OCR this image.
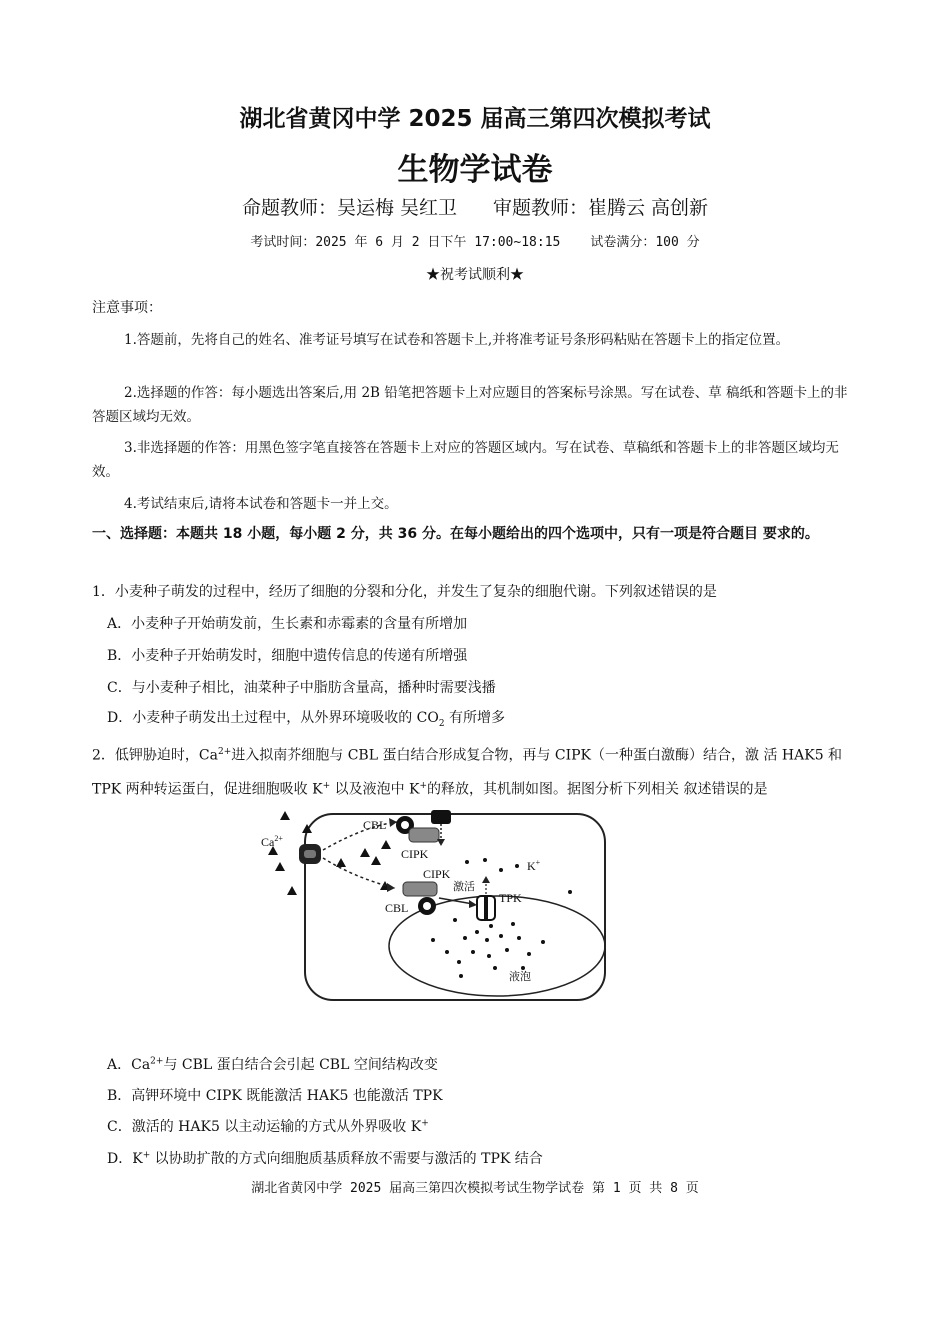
湖北省黄冈中学 2025 届高三第四次模拟考试
生物学试卷
命题教师：吴运梅 吴红卫 审题教师：崔腾云 高创新
考试时间：2025 年 6 月 2 日下午 17:00~18:15 试卷满分：100 分
★祝考试顺利★
注意事项：
1.答题前，先将自己的姓名、准考证号填写在试卷和答题卡上,并将准考证号条形码粘贴在答题卡上的指定位置。
2.选择题的作答：每小题选出答案后,用 2B 铅笔把答题卡上对应题目的答案标号涂黑。写在试卷、草 稿纸和答题卡上的非答题区域均无效。
3.非选择题的作答：用黑色签字笔直接答在答题卡上对应的答题区域内。写在试卷、草稿纸和答题卡上的非答题区域均无效。
4.考试结束后,请将本试卷和答题卡一并上交。
一、选择题：本题共 18 小题，每小题 2 分，共 36 分。在每小题给出的四个选项中，只有一项是符合题目 要求的。
1．小麦种子萌发的过程中，经历了细胞的分裂和分化，并发生了复杂的细胞代谢。下列叙述错误的是
A．小麦种子开始萌发前，生长素和赤霉素的含量有所增加
B．小麦种子开始萌发时，细胞中遗传信息的传递有所增强
C．与小麦种子相比，油菜种子中脂肪含量高，播种时需要浅播
D．小麦种子萌发出土过程中，从外界环境吸收的 $CO_2$ 有所增多
2．低钾胁迫时，$Ca^{2+}$进入拟南芥细胞与 CBL 蛋白结合形成复合物，再与 CIPK（一种蛋白激酶）结合，激 活 HAK5 和 TPK 两种转运蛋白，促进细胞吸收 K+ 以及液泡中 K+的释放，其机制如图。据图分析下列相关 叙述错误的是
CBL
CIPK
CIPK
CBL
激活
TPK
K+
$Ca^{2+}$
液泡
A．$Ca^{2+}$与 CBL 蛋白结合会引起 CBL 空间结构改变
B．高钾环境中 CIPK 既能激活 HAK5 也能激活 TPK
C．激活的 HAK5 以主动运输的方式从外界吸收 K+
D．K+ 以协助扩散的方式向细胞质基质释放不需要与激活的 TPK 结合
湖北省黄冈中学 2025 届高三第四次模拟考试生物学试卷 第 1 页 共 8 页
